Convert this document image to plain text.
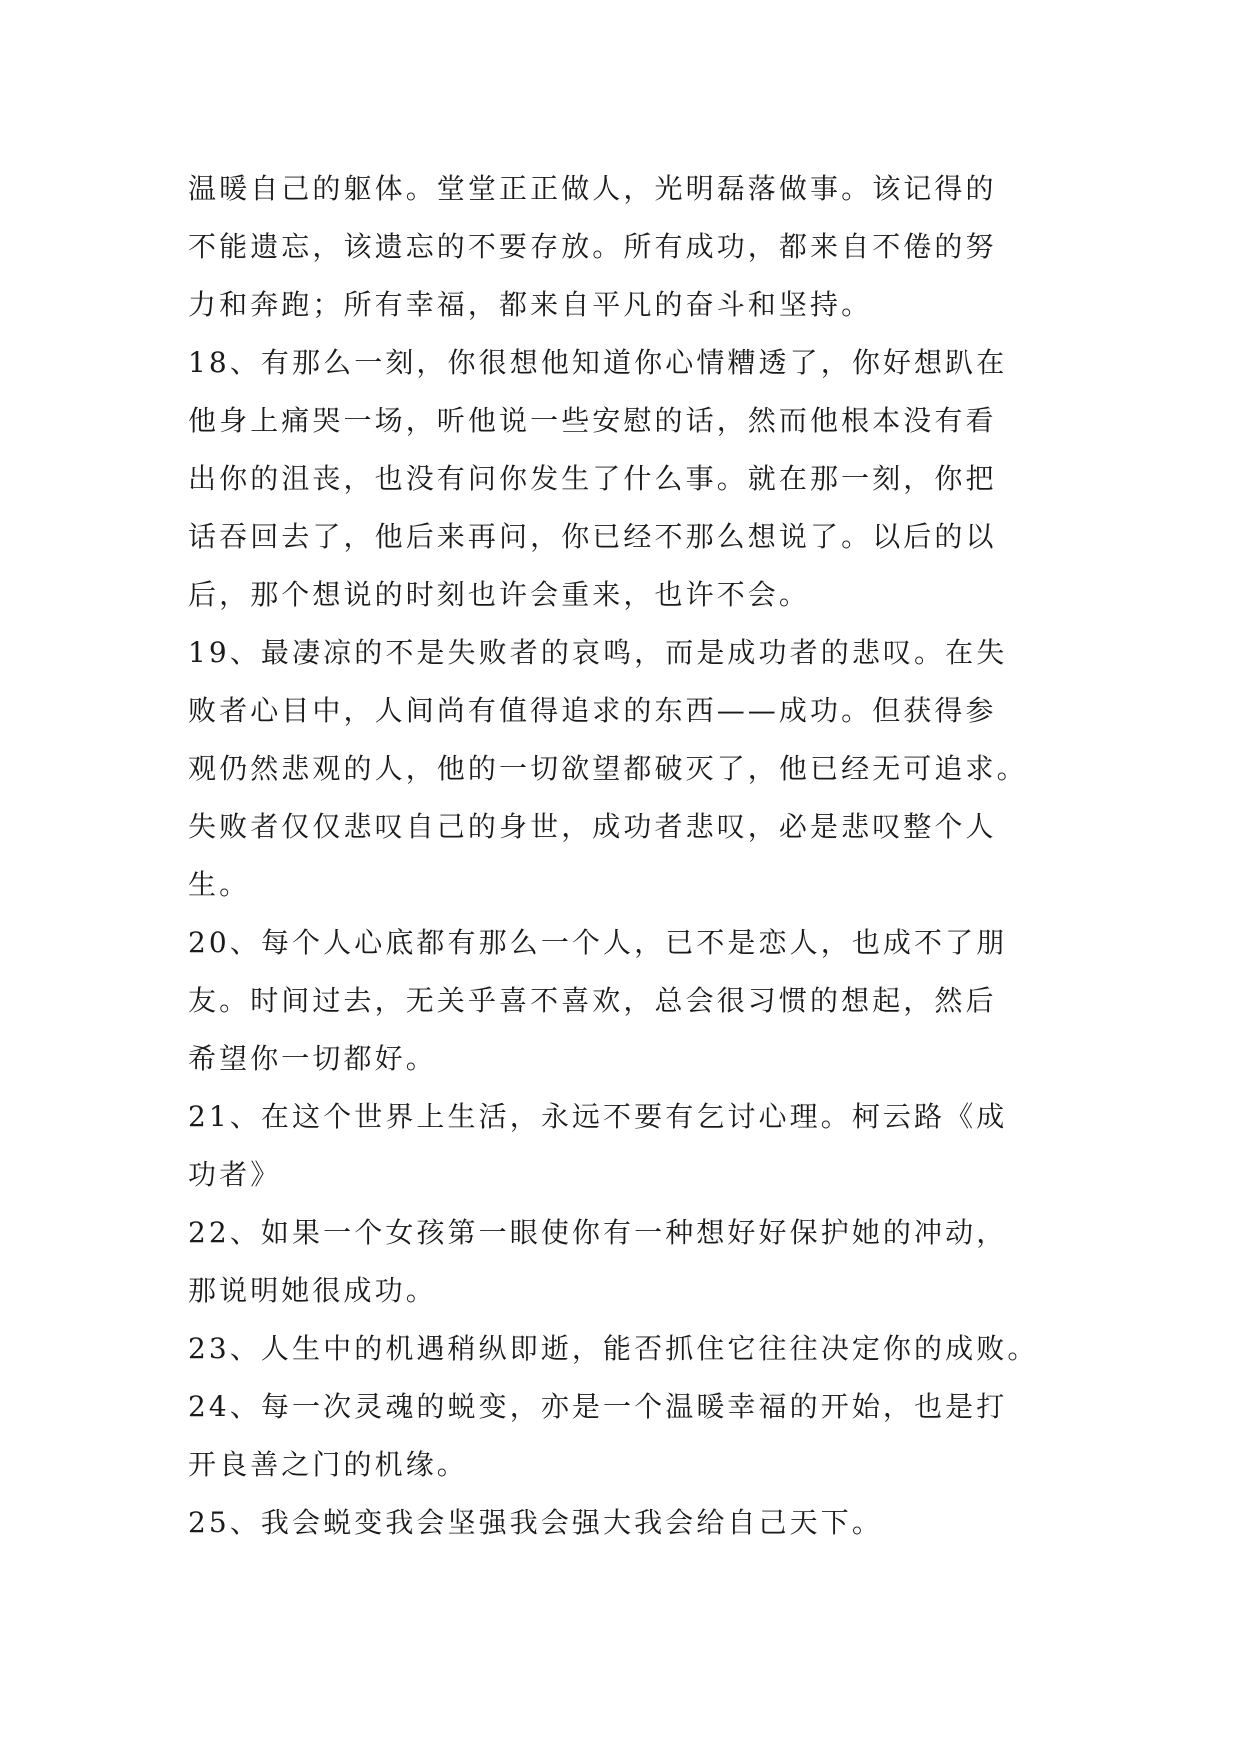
温暖自己的躯体。堂堂正正做人，光明磊落做事。该记得的
不能遗忘，该遗忘的不要存放。所有成功，都来自不倦的努
力和奔跑；所有幸福，都来自平凡的奋斗和坚持。
18、有那么一刻，你很想他知道你心情糟透了，你好想趴在
他身上痛哭一场，听他说一些安慰的话，然而他根本没有看
出你的沮丧，也没有问你发生了什么事。就在那一刻，你把
话吞回去了，他后来再问，你已经不那么想说了。以后的以
后，那个想说的时刻也许会重来，也许不会。
19、最凄凉的不是失败者的哀鸣，而是成功者的悲叹。在失
败者心目中，人间尚有值得追求的东西——成功。但获得参
观仍然悲观的人，他的一切欲望都破灭了，他已经无可追求。
失败者仅仅悲叹自己的身世，成功者悲叹，必是悲叹整个人
生。
20、每个人心底都有那么一个人，已不是恋人，也成不了朋
友。时间过去，无关乎喜不喜欢，总会很习惯的想起，然后
希望你一切都好。
21、在这个世界上生活，永远不要有乞讨心理。柯云路《成
功者》
22、如果一个女孩第一眼使你有一种想好好保护她的冲动，
那说明她很成功。
23、人生中的机遇稍纵即逝，能否抓住它往往决定你的成败。
24、每一次灵魂的蜕变，亦是一个温暖幸福的开始，也是打
开良善之门的机缘。
25、我会蜕变我会坚强我会强大我会给自己天下。
